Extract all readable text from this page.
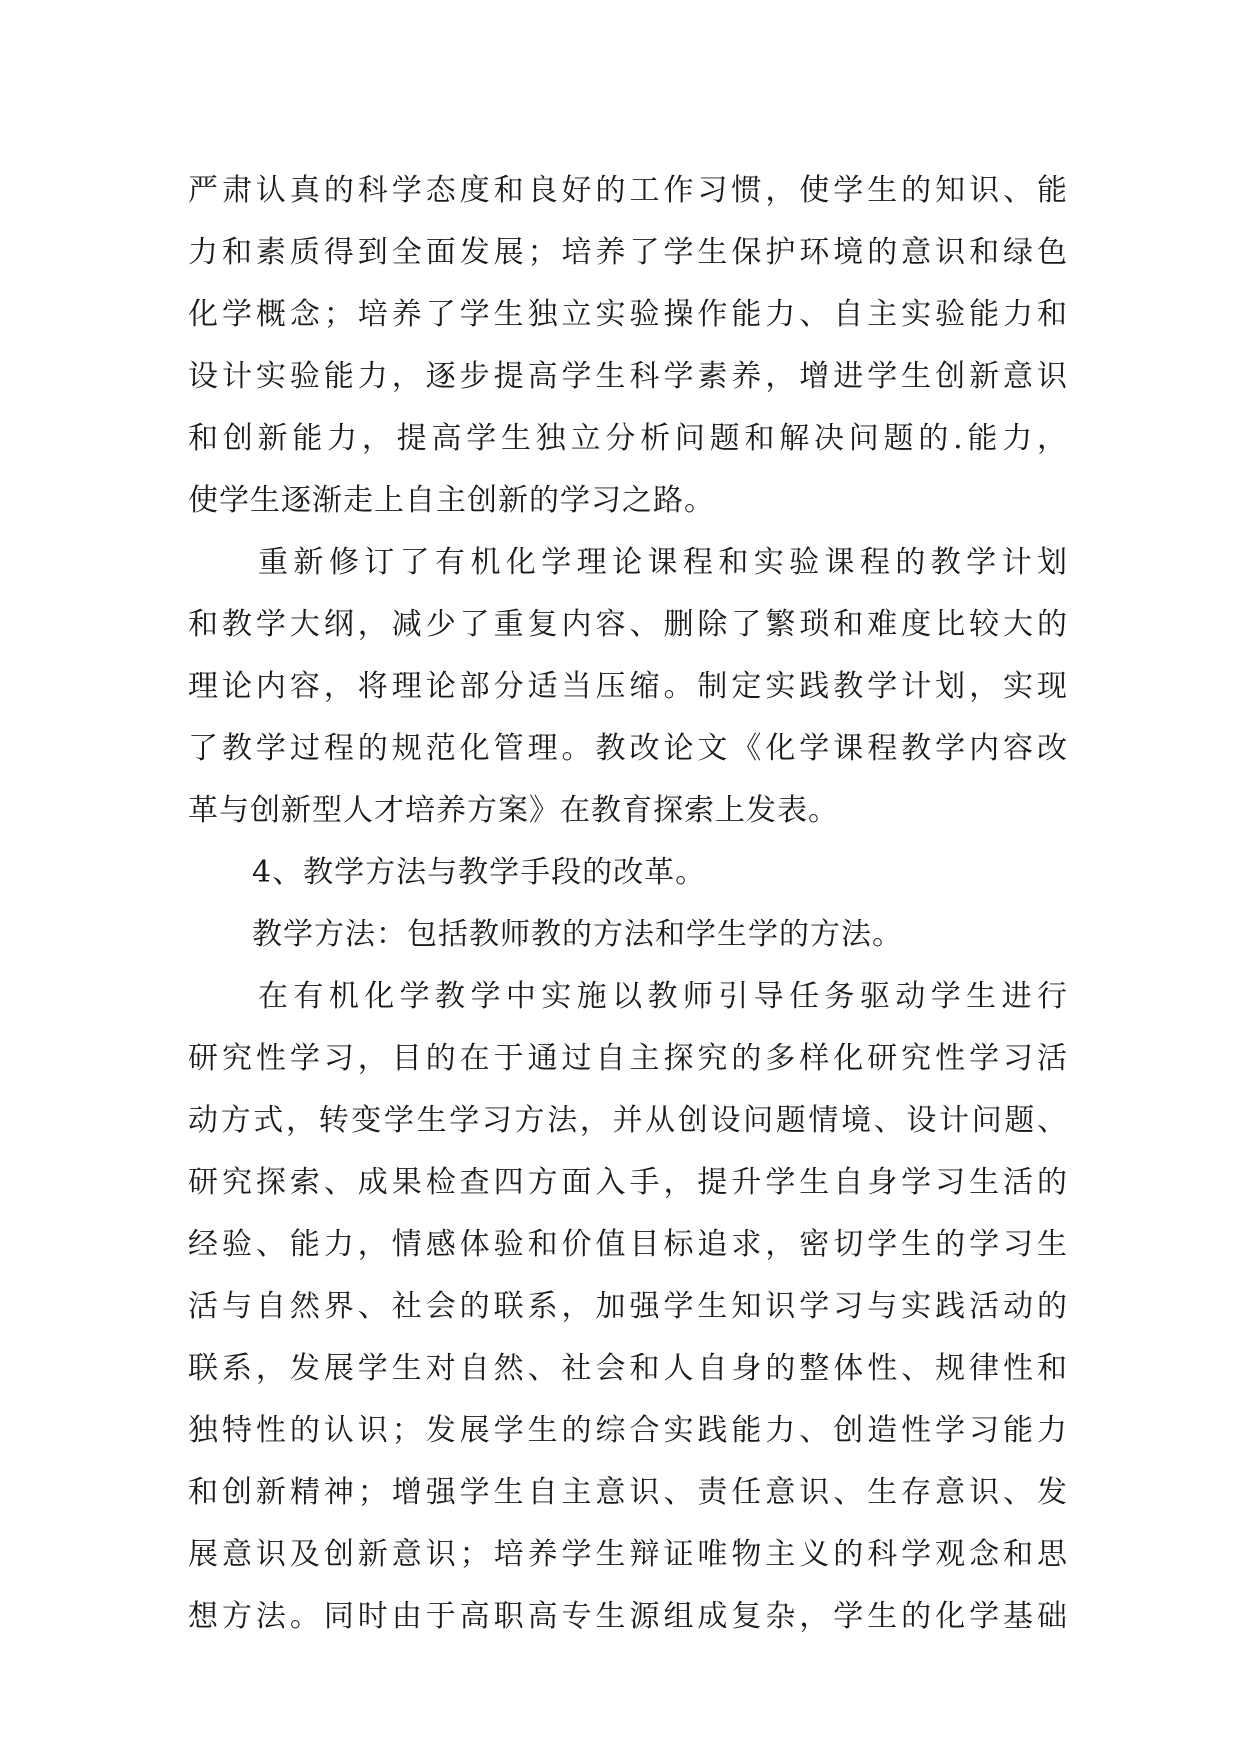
严肃认真的科学态度和良好的工作习惯，使学生的知识、能
力和素质得到全面发展；培养了学生保护环境的意识和绿色
化学概念；培养了学生独立实验操作能力、自主实验能力和
设计实验能力，逐步提高学生科学素养，增进学生创新意识
和创新能力，提高学生独立分析问题和解决问题的.能力，
使学生逐渐走上自主创新的学习之路。
重新修订了有机化学理论课程和实验课程的教学计划
和教学大纲，减少了重复内容、删除了繁琐和难度比较大的
理论内容，将理论部分适当压缩。制定实践教学计划，实现
了教学过程的规范化管理。教改论文《化学课程教学内容改
革与创新型人才培养方案》在教育探索上发表。
4、教学方法与教学手段的改革。
教学方法：包括教师教的方法和学生学的方法。
在有机化学教学中实施以教师引导任务驱动学生进行
研究性学习，目的在于通过自主探究的多样化研究性学习活
动方式，转变学生学习方法，并从创设问题情境、设计问题、
研究探索、成果检查四方面入手，提升学生自身学习生活的
经验、能力，情感体验和价值目标追求，密切学生的学习生
活与自然界、社会的联系，加强学生知识学习与实践活动的
联系，发展学生对自然、社会和人自身的整体性、规律性和
独特性的认识；发展学生的综合实践能力、创造性学习能力
和创新精神；增强学生自主意识、责任意识、生存意识、发
展意识及创新意识；培养学生辩证唯物主义的科学观念和思
想方法。同时由于高职高专生源组成复杂，学生的化学基础
